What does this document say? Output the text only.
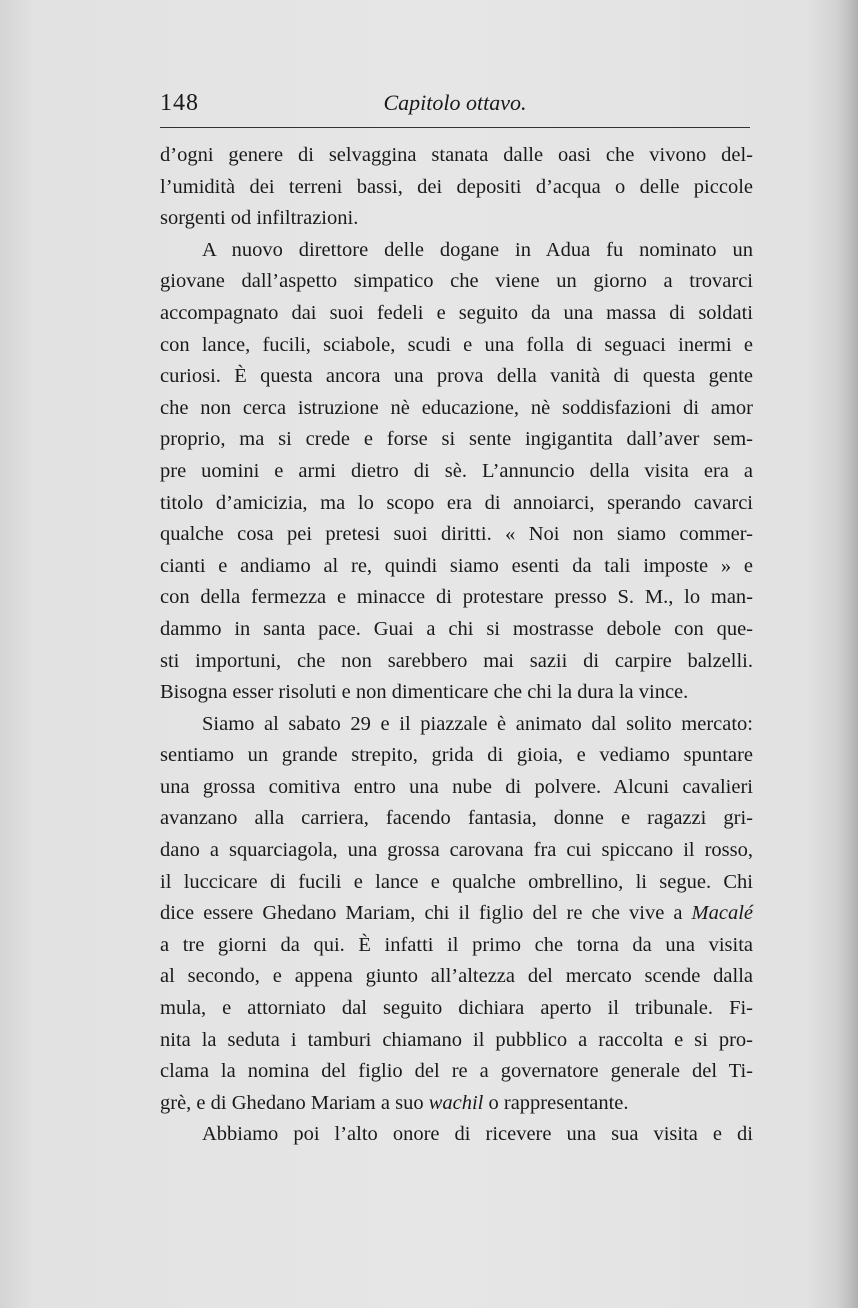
148	Capitolo ottavo.
d’ogni genere di selvaggina stanata dalle oasi che vivono del-
l’umidità dei terreni bassi, dei depositi d’acqua o delle piccole
sorgenti od infiltrazioni.
A nuovo direttore delle dogane in Adua fu nominato un
giovane dall’aspetto simpatico che viene un giorno a trovarci
accompagnato dai suoi fedeli e seguito da una massa di soldati
con lance, fucili, sciabole, scudi e una folla di seguaci inermi e
curiosi. È questa ancora una prova della vanità di questa gente
che non cerca istruzione nè educazione, nè soddisfazioni di amor
proprio, ma si crede e forse si sente ingigantita dall’aver sem-
pre uomini e armi dietro di sè. L’annuncio della visita era a
titolo d’amicizia, ma lo scopo era di annoiarci, sperando cavarci
qualche cosa pei pretesi suoi diritti. « Noi non siamo commer-
cianti e andiamo al re, quindi siamo esenti da tali imposte » e
con della fermezza e minacce di protestare presso S. M., lo man-
dammo in santa pace. Guai a chi si mostrasse debole con que-
sti importuni, che non sarebbero mai sazii di carpire balzelli.
Bisogna esser risoluti e non dimenticare che chi la dura la vince.
Siamo al sabato 29 e il piazzale è animato dal solito mercato:
sentiamo un grande strepito, grida di gioia, e vediamo spuntare
una grossa comitiva entro una nube di polvere. Alcuni cavalieri
avanzano alla carriera, facendo fantasia, donne e ragazzi gri-
dano a squarciagola, una grossa carovana fra cui spiccano il rosso,
il luccicare di fucili e lance e qualche ombrellino, li segue. Chi
dice essere Ghedano Mariam, chi il figlio del re che vive a Macalé
a tre giorni da qui. È infatti il primo che torna da una visita
al secondo, e appena giunto all’altezza del mercato scende dalla
mula, e attorniato dal seguito dichiara aperto il tribunale. Fi-
nita la seduta i tamburi chiamano il pubblico a raccolta e si pro-
clama la nomina del figlio del re a governatore generale del Ti-
grè, e di Ghedano Mariam a suo wachil o rappresentante.
Abbiamo poi l’alto onore di ricevere una sua visita e di
